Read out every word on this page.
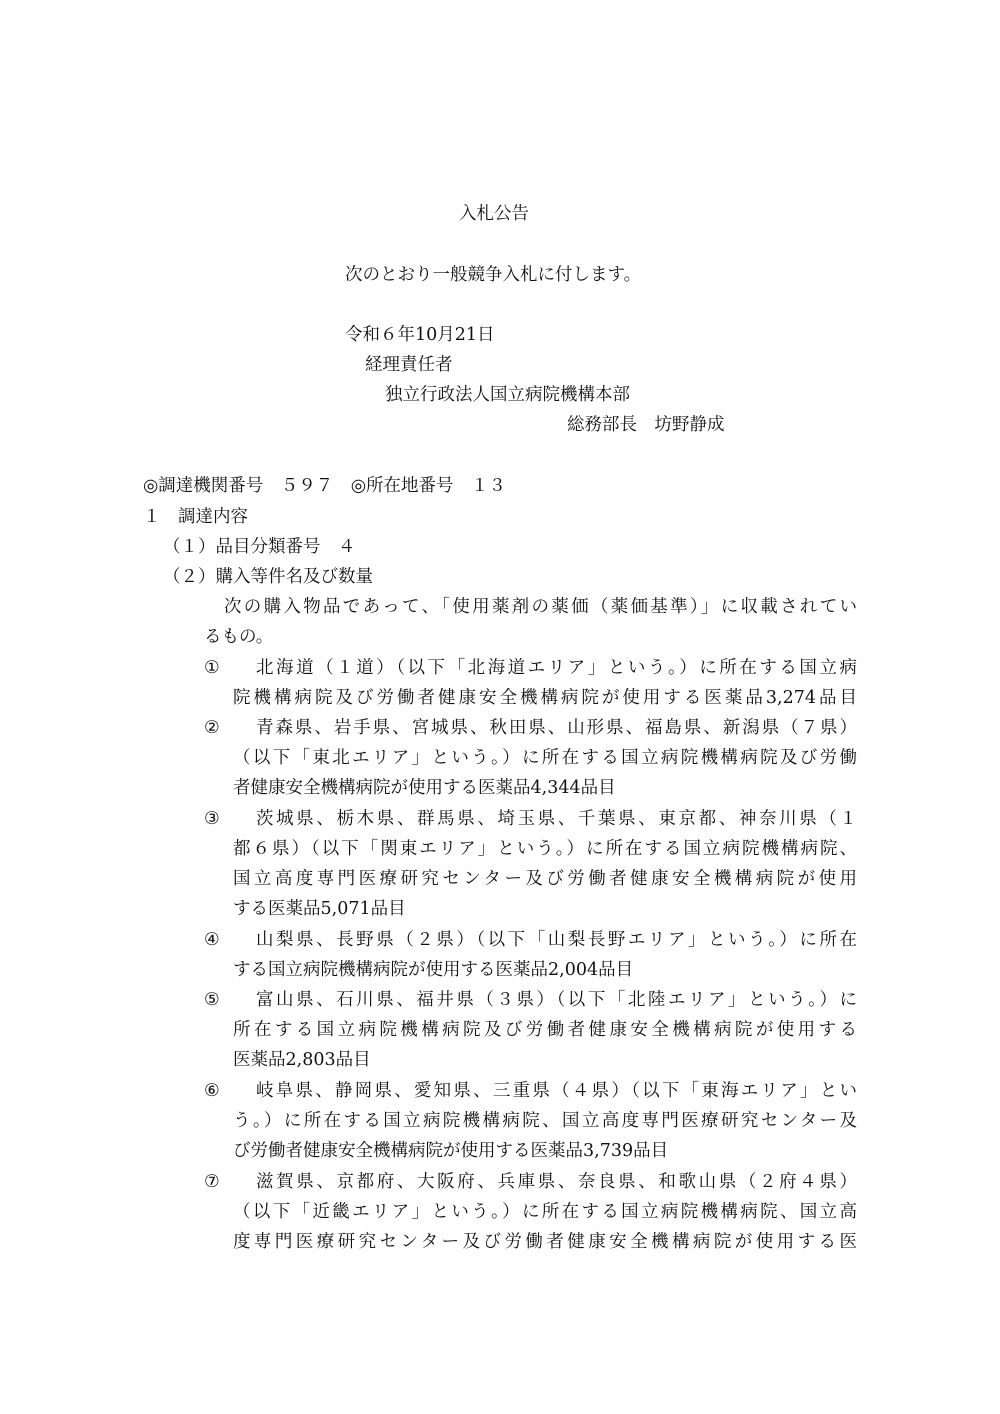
入札公告
次のとおり一般競争入札に付します。
令和６年10月21日
経理責任者
独立行政法人国立病院機構本部
総務部長　坊野静成
◎調達機関番号　５９７　◎所在地番号　１３
１　調達内容
（１）品目分類番号　４
（２）購入等件名及び数量
次の購入物品であって、「使用薬剤の薬価（薬価基準）」に収載されてい
るもの。
① 北海道（１道）（以下「北海道エリア」という。）に所在する国立病
院機構病院及び労働者健康安全機構病院が使用する医薬品3,274品目
② 青森県、岩手県、宮城県、秋田県、山形県、福島県、新潟県（７県）
（以下「東北エリア」という。）に所在する国立病院機構病院及び労働
者健康安全機構病院が使用する医薬品4,344品目
③ 茨城県、栃木県、群馬県、埼玉県、千葉県、東京都、神奈川県（１
都６県）（以下「関東エリア」という。）に所在する国立病院機構病院、
国立高度専門医療研究センター及び労働者健康安全機構病院が使用
する医薬品5,071品目
④ 山梨県、長野県（２県）（以下「山梨長野エリア」という。）に所在
する国立病院機構病院が使用する医薬品2,004品目
⑤ 富山県、石川県、福井県（３県）（以下「北陸エリア」という。）に
所在する国立病院機構病院及び労働者健康安全機構病院が使用する
医薬品2,803品目
⑥ 岐阜県、静岡県、愛知県、三重県（４県）（以下「東海エリア」とい
う。）に所在する国立病院機構病院、国立高度専門医療研究センター及
び労働者健康安全機構病院が使用する医薬品3,739品目
⑦ 滋賀県、京都府、大阪府、兵庫県、奈良県、和歌山県（２府４県）
（以下「近畿エリア」という。）に所在する国立病院機構病院、国立高
度専門医療研究センター及び労働者健康安全機構病院が使用する医
